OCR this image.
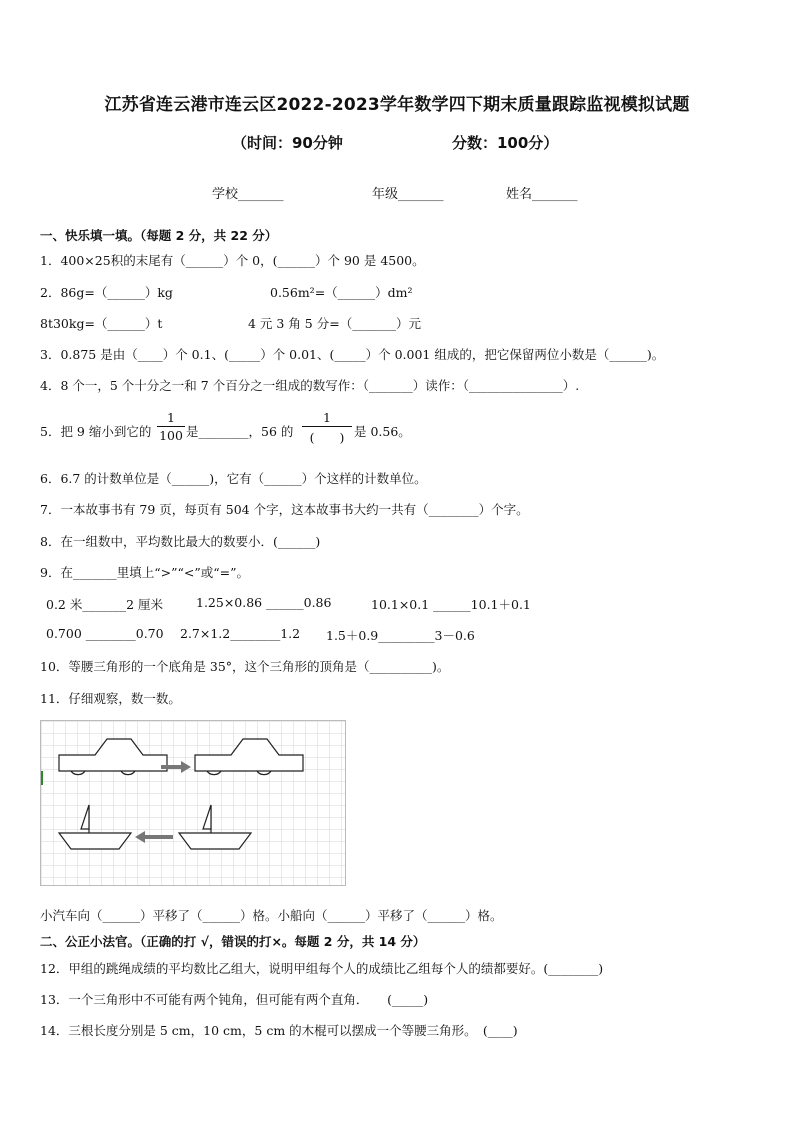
江苏省连云港市连云区2022-2023学年数学四下期末质量跟踪监视模拟试题
（时间：90分钟	分数：100分）
学校_______	年级_______	姓名_______
一、快乐填一填。（每题 2 分，共 22 分）
1．400×25积的末尾有（______）个 0，(______）个 90 是 4500。
2．86g=（______）kg	0.56m²=（______）dm²
8t30kg=（______）t	4 元 3 角 5 分=（_______）元
3．0.875 是由（____）个 0.1、(_____）个 0.01、(_____）个 0.001 组成的，把它保留两位小数是（______)。
4．8 个一，5 个十分之一和 7 个百分之一组成的数写作：（_______）读作：（_______________）.
5．把 9 缩小到它的
1
100 是________，56 的
1
(　　) 是 0.56。
6．6.7 的计数单位是（______)，它有（______）个这样的计数单位。
7．一本故事书有 79 页，每页有 504 个字，这本故事书大约一共有（________）个字。
8．在一组数中，平均数比最大的数要小．(______)
9．在_______里填上“>”“<”或“=”。
0.2 米_______2 厘米	1.25×0.86 ______0.86	10.1×0.1 ______10.1＋0.1
0.700 ________0.70 2.7×1.2________1.2 1.5＋0.9_________3－0.6
10．等腰三角形的一个底角是 35°，这个三角形的顶角是（__________)。
11．仔细观察，数一数。
小汽车向（______）平移了（______）格。小船向（______）平移了（______）格。
二、公正小法官。（正确的打 √，错误的打×。每题 2 分，共 14 分）
12．甲组的跳绳成绩的平均数比乙组大，说明甲组每个人的成绩比乙组每个人的绩都要好。(________)
13．一个三角形中不可能有两个钝角，但可能有两个直角．　　(_____)
14．三根长度分别是 5 cm，10 cm，5 cm 的木棍可以摆成一个等腰三角形。　(____)
